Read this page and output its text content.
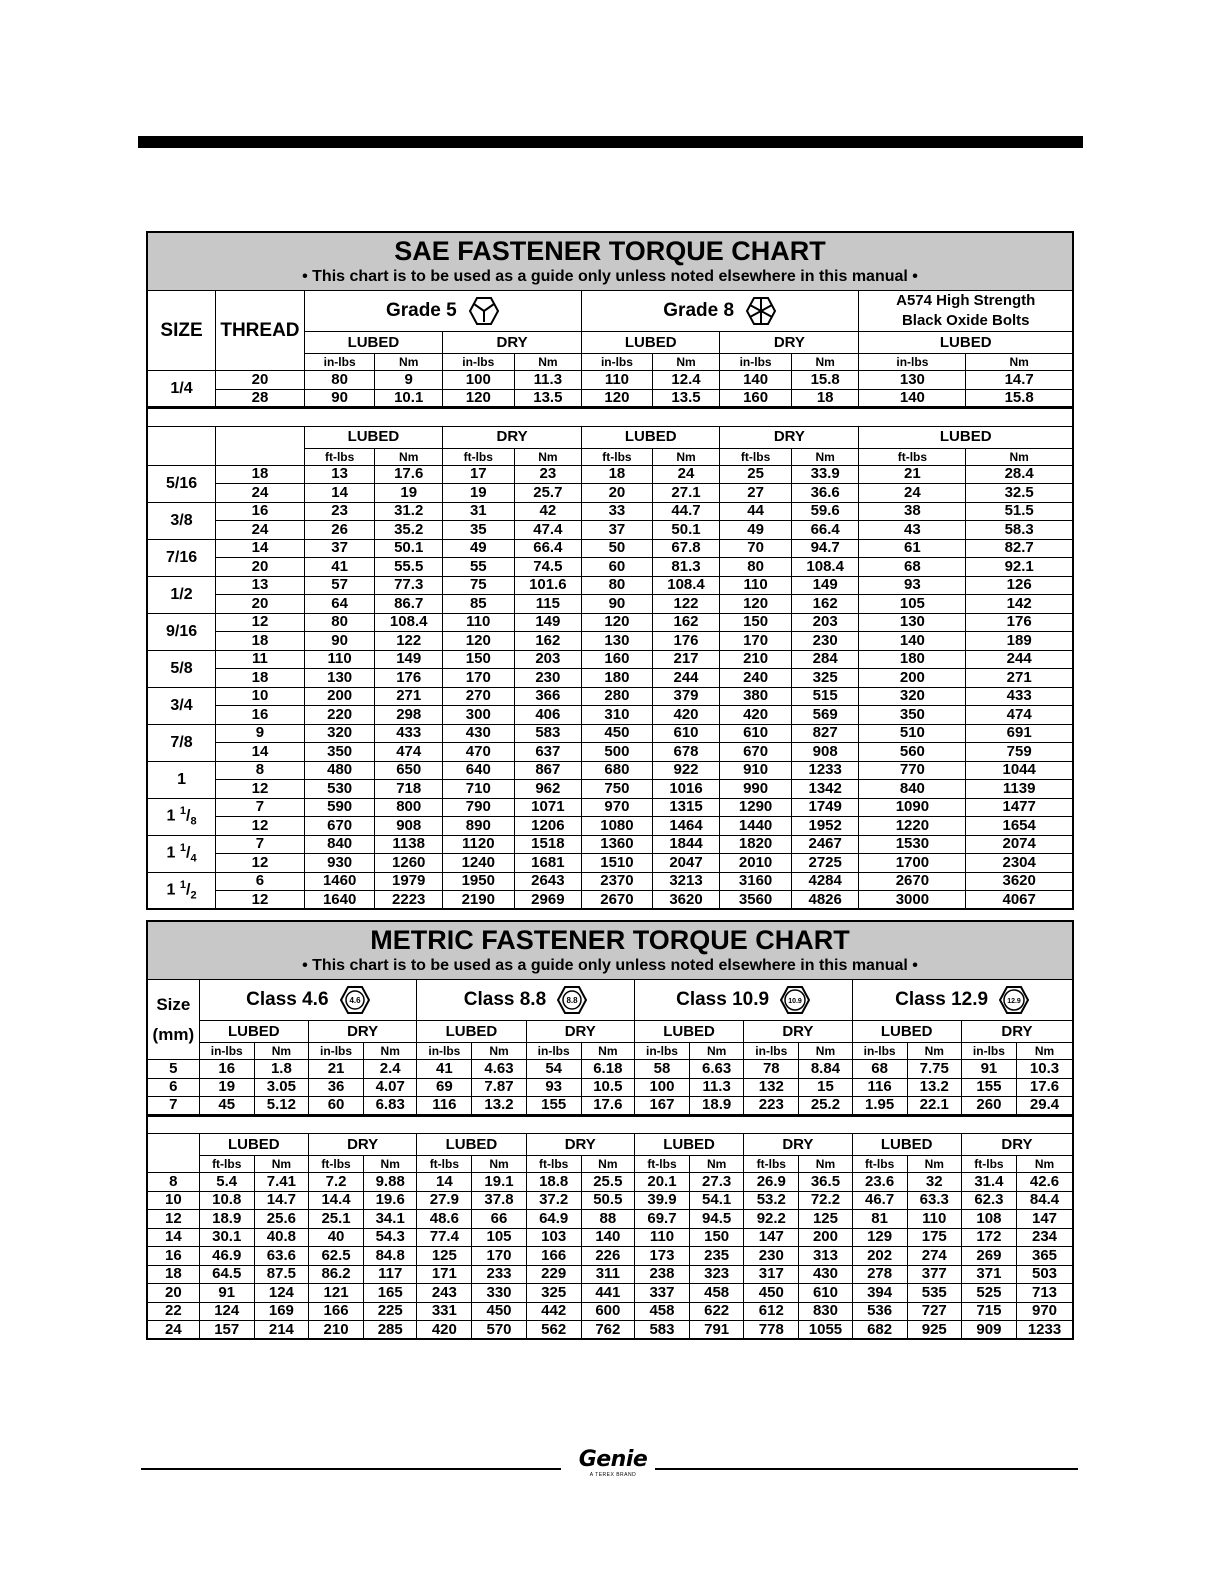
SAE FASTENER TORQUE CHART
• This chart is to be used as a guide only unless noted elsewhere in this manual •											

SIZE	THREAD	Grade 5				Grade 8				A574 High Strength
Black Oxide Bolts	
		LUBED		DRY		LUBED		DRY		LUBED	
		in-lbs	Nm	in-lbs	Nm	in-lbs	Nm	in-lbs	Nm	in-lbs	Nm
1/4	20	80	9	100	11.3	110	12.4	140	15.8	130	14.7
	28	90	10.1	120	13.5	120	13.5	160	18	140	15.8

		LUBED		DRY		LUBED		DRY		LUBED	
		ft-lbs	Nm	ft-lbs	Nm	ft-lbs	Nm	ft-lbs	Nm	ft-lbs	Nm
5/16	18	13	17.6	17	23	18	24	25	33.9	21	28.4
	24	14	19	19	25.7	20	27.1	27	36.6	24	32.5
3/8	16	23	31.2	31	42	33	44.7	44	59.6	38	51.5
	24	26	35.2	35	47.4	37	50.1	49	66.4	43	58.3
7/16	14	37	50.1	49	66.4	50	67.8	70	94.7	61	82.7
	20	41	55.5	55	74.5	60	81.3	80	108.4	68	92.1
1/2	13	57	77.3	75	101.6	80	108.4	110	149	93	126
	20	64	86.7	85	115	90	122	120	162	105	142
9/16	12	80	108.4	110	149	120	162	150	203	130	176
	18	90	122	120	162	130	176	170	230	140	189
5/8	11	110	149	150	203	160	217	210	284	180	244
	18	130	176	170	230	180	244	240	325	200	271
3/4	10	200	271	270	366	280	379	380	515	320	433
	16	220	298	300	406	310	420	420	569	350	474
7/8	9	320	433	430	583	450	610	610	827	510	691
	14	350	474	470	637	500	678	670	908	560	759
1	8	480	650	640	867	680	922	910	1233	770	1044
	12	530	718	710	962	750	1016	990	1342	840	1139
1 $^1/_8$	7	590	800	790	1071	970	1315	1290	1749	1090	1477
	12	670	908	890	1206	1080	1464	1440	1952	1220	1654
1 $^1/_4$	7	840	1138	1120	1518	1360	1844	1820	2467	1530	2074
	12	930	1260	1240	1681	1510	2047	2010	2725	1700	2304
1 $^1/_2$	6	1460	1979	1950	2643	2370	3213	3160	4284	2670	3620
	12	1640	2223	2190	2969	2670	3620	3560	4826	3000	4067
METRIC FASTENER TORQUE CHART
• This chart is to be used as a guide only unless noted elsewhere in this manual •																

Size
(mm)	Class 4.6 4.6				Class 8.8 8.8				Class 10.9 10.9				Class 12.9 12.9			

	LUBED		DRY		LUBED		DRY		LUBED		DRY		LUBED		DRY	
	in-lbs	Nm	in-lbs	Nm	in-lbs	Nm	in-lbs	Nm	in-lbs	Nm	in-lbs	Nm	in-lbs	Nm	in-lbs	Nm
5	16	1.8	21	2.4	41	4.63	54	6.18	58	6.63	78	8.84	68	7.75	91	10.3
6	19	3.05	36	4.07	69	7.87	93	10.5	100	11.3	132	15	116	13.2	155	17.6
7	45	5.12	60	6.83	116	13.2	155	17.6	167	18.9	223	25.2	1.95	22.1	260	29.4

	LUBED		DRY		LUBED		DRY		LUBED		DRY		LUBED		DRY	
	ft-lbs	Nm	ft-lbs	Nm	ft-lbs	Nm	ft-lbs	Nm	ft-lbs	Nm	ft-lbs	Nm	ft-lbs	Nm	ft-lbs	Nm
8	5.4	7.41	7.2	9.88	14	19.1	18.8	25.5	20.1	27.3	26.9	36.5	23.6	32	31.4	42.6
10	10.8	14.7	14.4	19.6	27.9	37.8	37.2	50.5	39.9	54.1	53.2	72.2	46.7	63.3	62.3	84.4
12	18.9	25.6	25.1	34.1	48.6	66	64.9	88	69.7	94.5	92.2	125	81	110	108	147
14	30.1	40.8	40	54.3	77.4	105	103	140	110	150	147	200	129	175	172	234
16	46.9	63.6	62.5	84.8	125	170	166	226	173	235	230	313	202	274	269	365
18	64.5	87.5	86.2	117	171	233	229	311	238	323	317	430	278	377	371	503
20	91	124	121	165	243	330	325	441	337	458	450	610	394	535	525	713
22	124	169	166	225	331	450	442	600	458	622	612	830	536	727	715	970
24	157	214	210	285	420	570	562	762	583	791	778	1055	682	925	909	1233
Genie
A TEREX BRAND
